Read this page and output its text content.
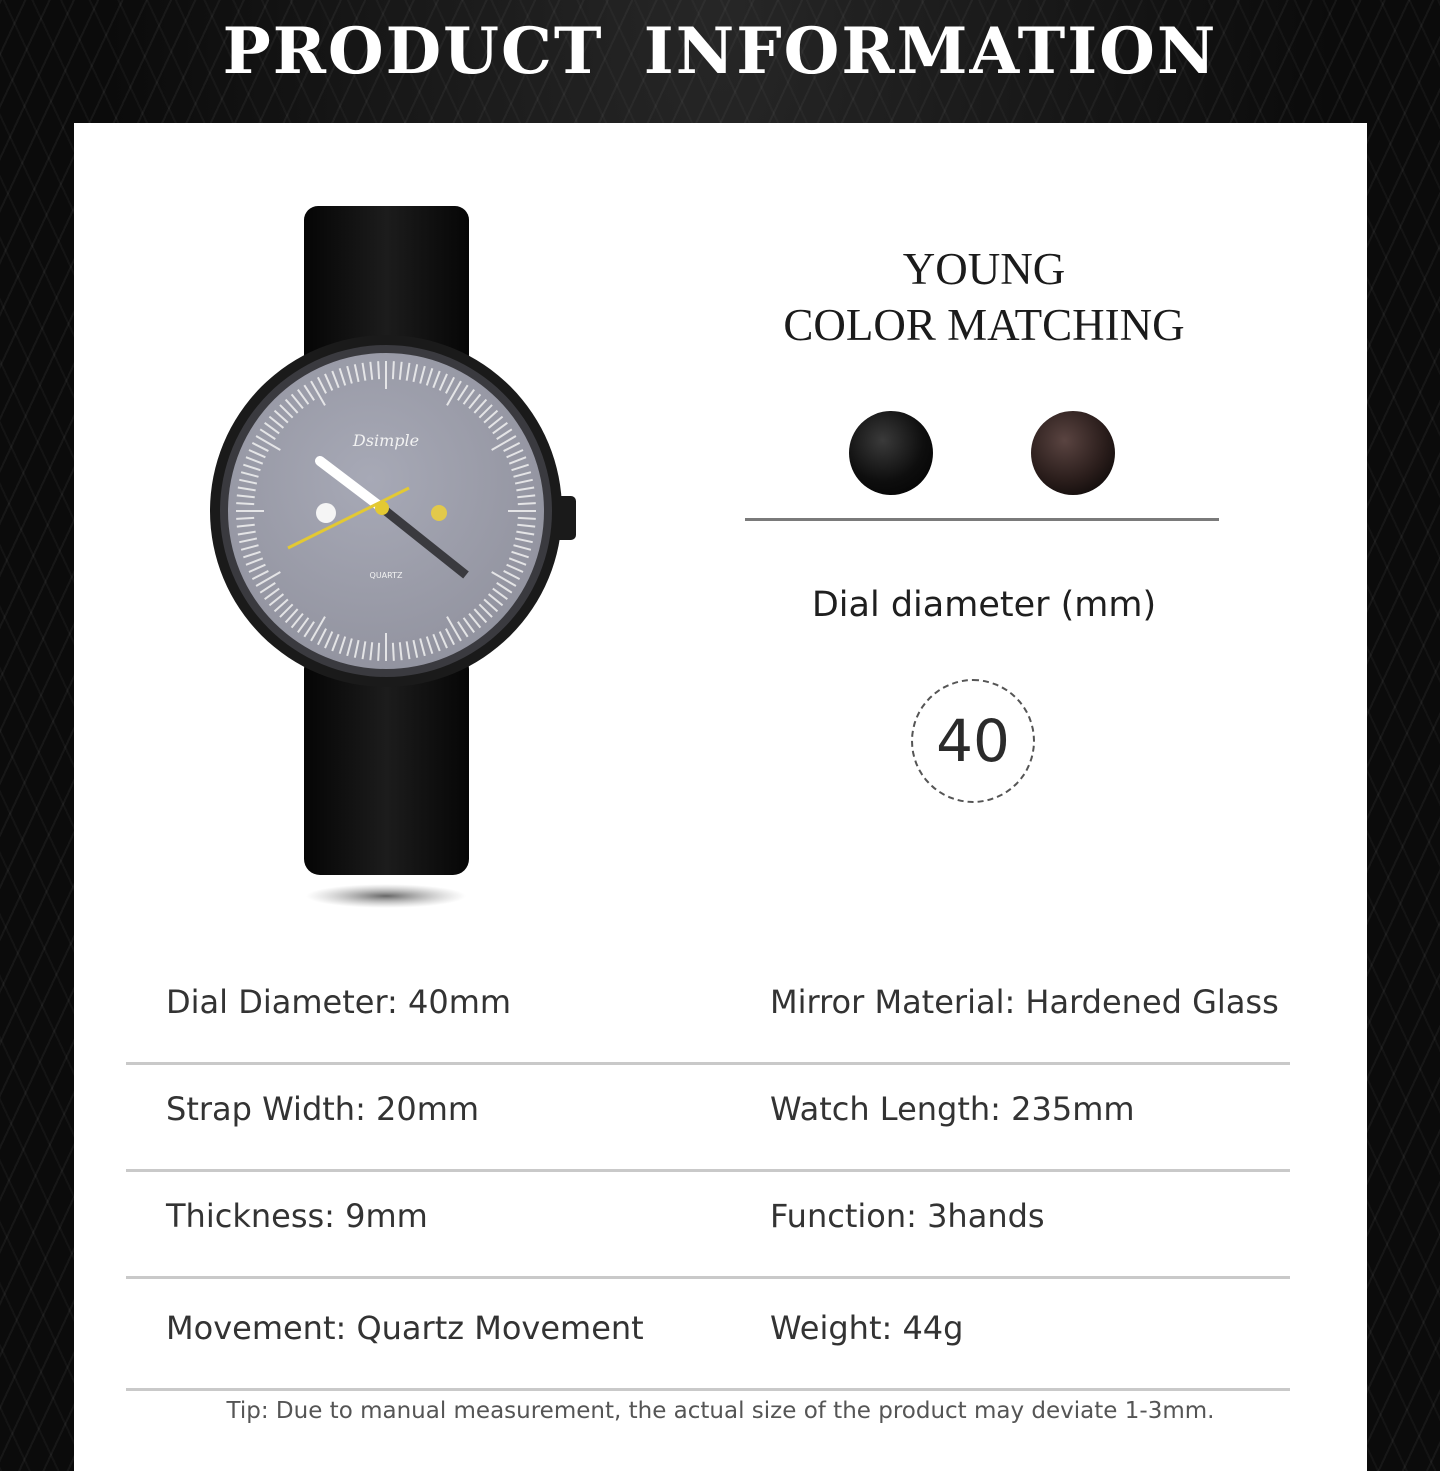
PRODUCT INFORMATION
Dsimple
QUARTZ
YOUNG
COLOR MATCHING
Dial diameter (mm)
40
Dial Diameter: 40mm	Mirror Material: Hardened Glass
Strap Width: 20mm	Watch Length: 235mm
Thickness: 9mm	Function: 3hands
Movement: Quartz Movement	Weight: 44g
Tip: Due to manual measurement, the actual size of the product may deviate 1-3mm.
